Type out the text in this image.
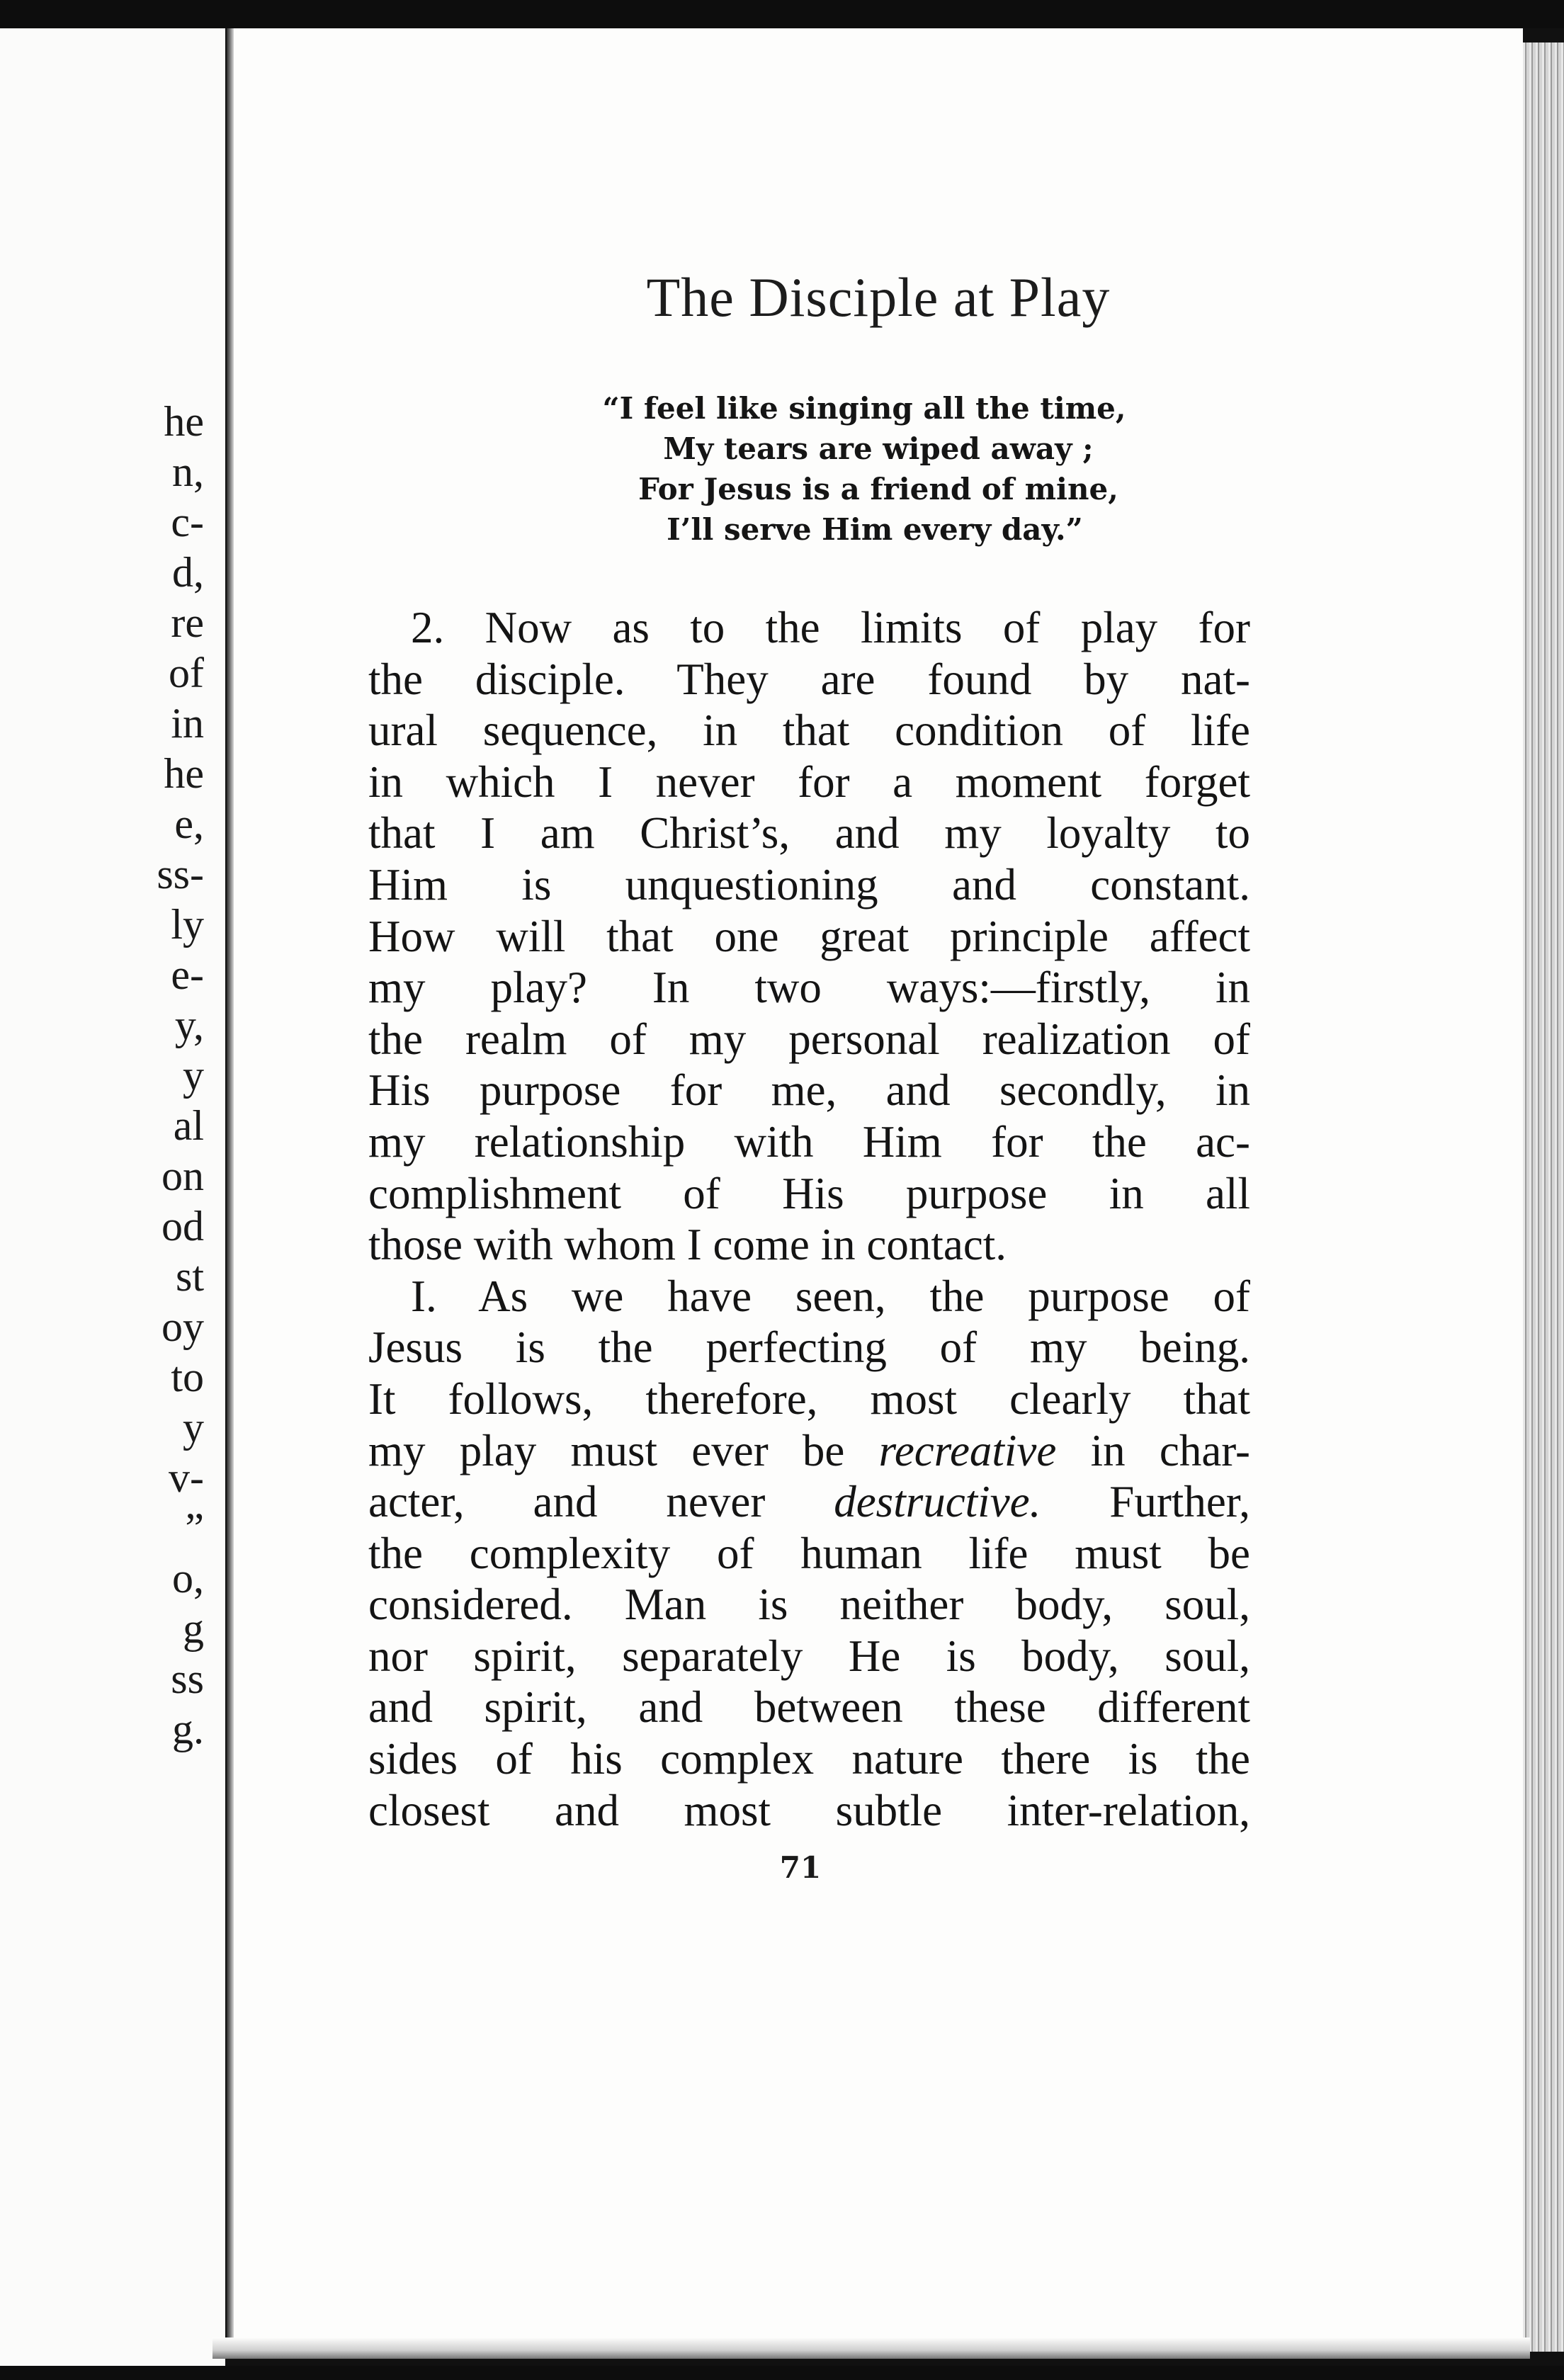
he
n,
c-
d,
re
of
in
he
e,
ss-
ly
e-
y,
y
al
on
od
st
oy
to
y
v-
”
o,
g
ss
g.
The Disciple at Play
“I feel like singing all the time,
My tears are wiped away ;
For Jesus is a friend of mine,
I’ll serve Him every day.”
2. Now as to the limits of play for
the disciple. They are found by nat-
ural sequence, in that condition of life
in which I never for a moment forget
that I am Christ’s, and my loyalty to
Him is unquestioning and constant.
How will that one great principle affect
my play? In two ways:—firstly, in
the realm of my personal realization of
His purpose for me, and secondly, in
my relationship with Him for the ac-
complishment of His purpose in all
those with whom I come in contact.
I. As we have seen, the purpose of
Jesus is the perfecting of my being.
It follows, therefore, most clearly that
my play must ever be recreative in char-
acter, and never destructive. Further,
the complexity of human life must be
considered. Man is neither body, soul,
nor spirit, separately He is body, soul,
and spirit, and between these different
sides of his complex nature there is the
closest and most subtle inter-relation,
71
